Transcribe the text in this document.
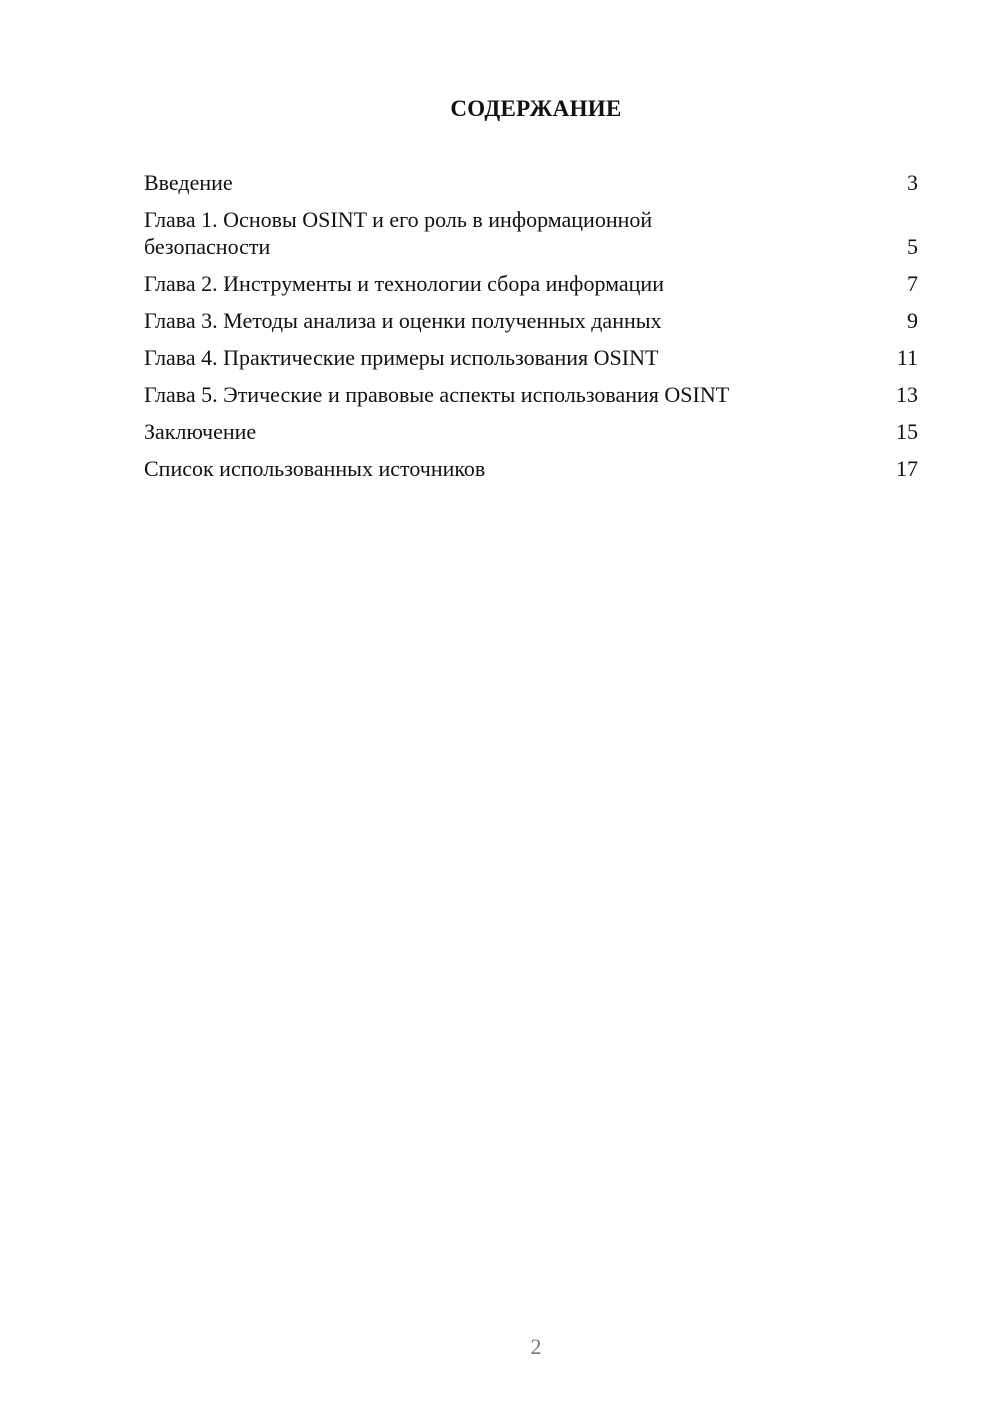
СОДЕРЖАНИЕ
Введение	3
Глава 1. Основы OSINT и его роль в информационной безопасности	5
Глава 2. Инструменты и технологии сбора информации	7
Глава 3. Методы анализа и оценки полученных данных	9
Глава 4. Практические примеры использования OSINT	11
Глава 5. Этические и правовые аспекты использования OSINT	13
Заключение	15
Список использованных источников	17
2
